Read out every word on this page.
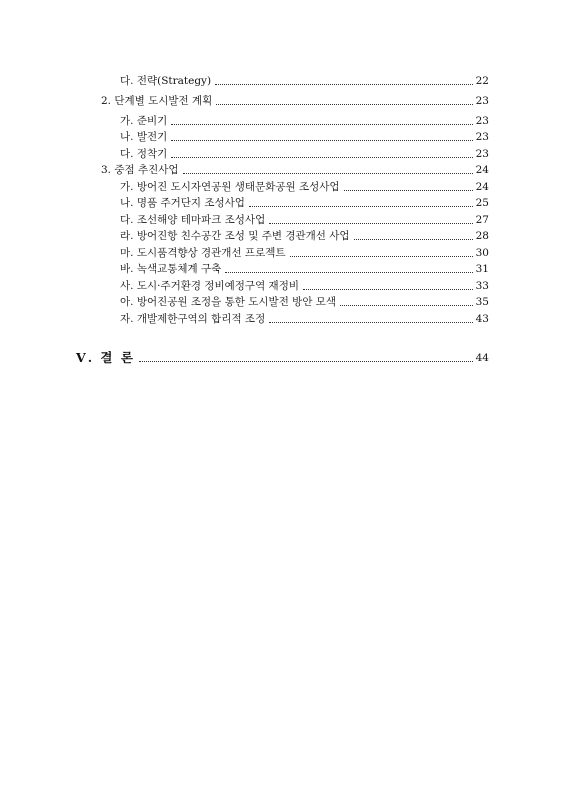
다. 전략(Strategy)	22
2. 단계별 도시발전 계획	23
가. 준비기	23
나. 발전기	23
다. 정착기	23
3. 중점 추진사업	24
가. 방어진 도시자연공원 생태문화공원 조성사업	24
나. 명품 주거단지 조성사업	25
다. 조선해양 테마파크 조성사업	27
라. 방어진항 친수공간 조성 및 주변 경관개선 사업	28
마. 도시품격향상 경관개선 프로젝트	30
바. 녹색교통체계 구축	31
사. 도시·주거환경 정비예정구역 재정비	33
아. 방어진공원 조정을 통한 도시발전 방안 모색	35
자. 개발제한구역의 합리적 조정	43
Ⅴ. 결 론	44
